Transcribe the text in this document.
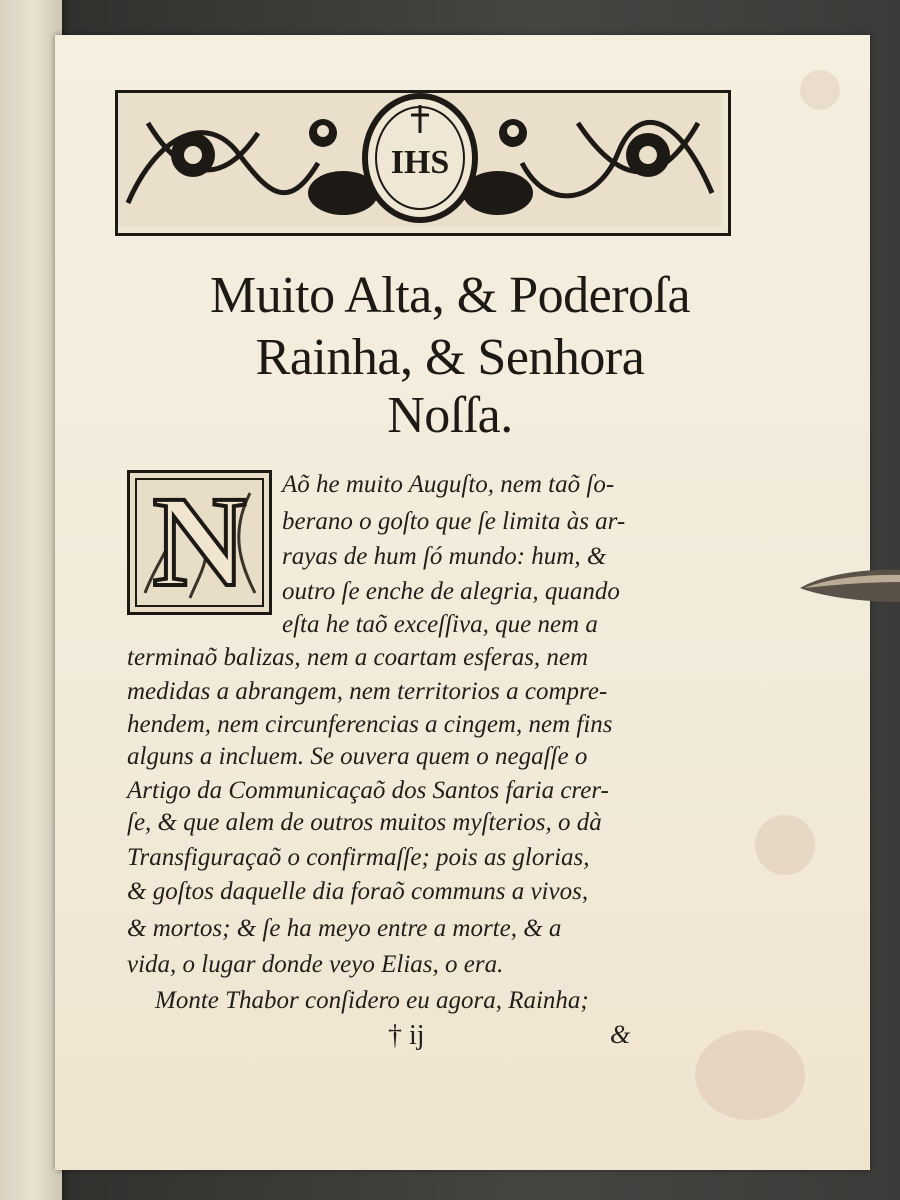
IHS
Muito Alta, & Poderoſa
Rainha, & Senhora
Noſſa.
N	Aõ he muito Auguſto, nem taõ ſo-
berano o goſto que ſe limita às ar-
rayas de hum ſó mundo: hum, &
outro ſe enche de alegria, quando
eſta he taõ exceſſiva, que nem a
terminaõ balizas, nem a coartam esferas, nem
medidas a abrangem, nem territorios a compre-
hendem, nem circunferencias a cingem, nem fins
alguns a incluem. Se ouvera quem o negaſſe o
Artigo da Communicaçaõ dos Santos faria crer-
ſe, & que alem de outros muitos myſterios, o dà
Transfiguraçaõ o confirmaſſe; pois as glorias,
& goſtos daquelle dia foraõ communs a vivos,
& mortos; & ſe ha meyo entre a morte, & a
vida, o lugar donde veyo Elias, o era.
Monte Thabor conſidero eu agora, Rainha;
† ij	&
